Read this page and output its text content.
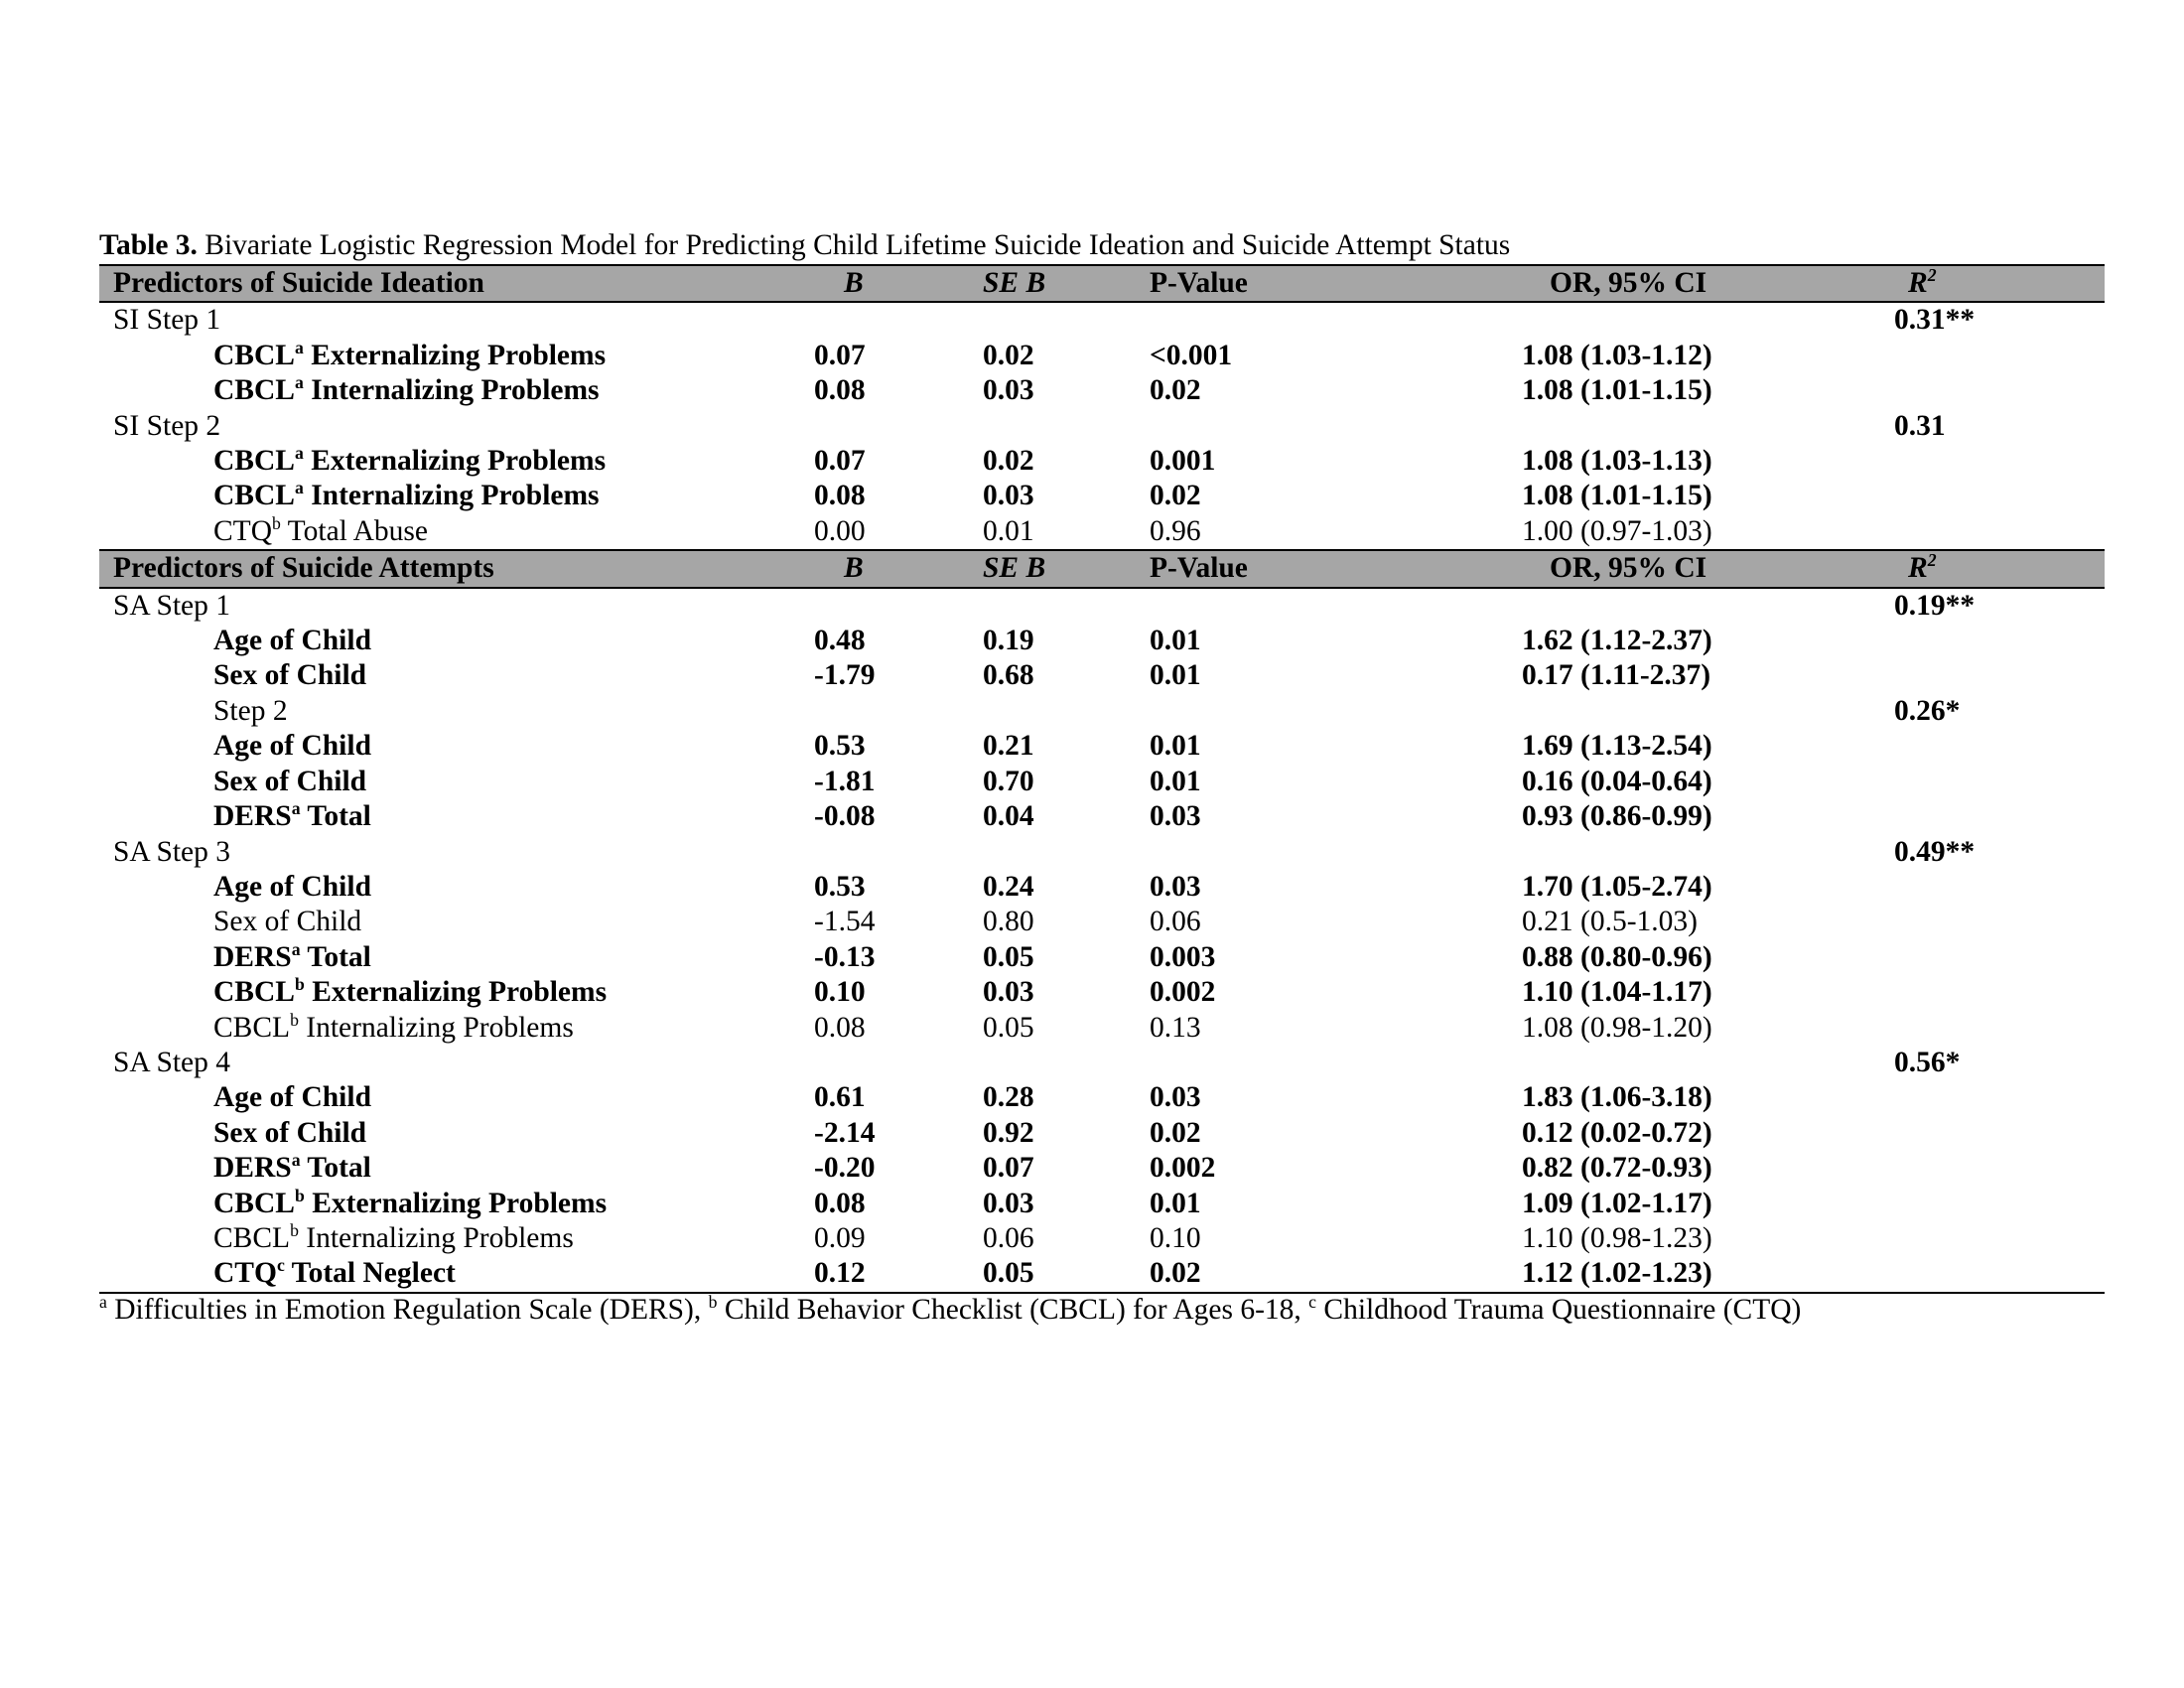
Table 3. Bivariate Logistic Regression Model for Predicting Child Lifetime Suicide Ideation and Suicide Attempt Status
Predictors of Suicide Ideation	B	SE B	P-Value	OR, 95% CI	$R^2$
SI Step 1					0.31**
CBCL$^a$ Externalizing Problems	0.07	0.02	<0.001	1.08 (1.03-1.12)	
CBCL$^a$ Internalizing Problems	0.08	0.03	0.02	1.08 (1.01-1.15)	
SI Step 2					0.31
CBCL$^a$ Externalizing Problems	0.07	0.02	0.001	1.08 (1.03-1.13)	
CBCL$^a$ Internalizing Problems	0.08	0.03	0.02	1.08 (1.01-1.15)	
CTQ$^b$ Total Abuse	0.00	0.01	0.96	1.00 (0.97-1.03)	
Predictors of Suicide Attempts	B	SE B	P-Value	OR, 95% CI	$R^2$
SA Step 1					0.19**
Age of Child	0.48	0.19	0.01	1.62 (1.12-2.37)	
Sex of Child	-1.79	0.68	0.01	0.17 (1.11-2.37)	
Step 2					0.26*
Age of Child	0.53	0.21	0.01	1.69 (1.13-2.54)	
Sex of Child	-1.81	0.70	0.01	0.16 (0.04-0.64)	
DERS$^a$ Total	-0.08	0.04	0.03	0.93 (0.86-0.99)	
SA Step 3					0.49**
Age of Child	0.53	0.24	0.03	1.70 (1.05-2.74)	
Sex of Child	-1.54	0.80	0.06	0.21 (0.5-1.03)	
DERS$^a$ Total	-0.13	0.05	0.003	0.88 (0.80-0.96)	
CBCL$^b$ Externalizing Problems	0.10	0.03	0.002	1.10 (1.04-1.17)	
CBCL$^b$ Internalizing Problems	0.08	0.05	0.13	1.08 (0.98-1.20)	
SA Step 4					0.56*
Age of Child	0.61	0.28	0.03	1.83 (1.06-3.18)	
Sex of Child	-2.14	0.92	0.02	0.12 (0.02-0.72)	
DERS$^a$ Total	-0.20	0.07	0.002	0.82 (0.72-0.93)	
CBCL$^b$ Externalizing Problems	0.08	0.03	0.01	1.09 (1.02-1.17)	
CBCL$^b$ Internalizing Problems	0.09	0.06	0.10	1.10 (0.98-1.23)	
CTQ$^c$ Total Neglect	0.12	0.05	0.02	1.12 (1.02-1.23)	
$^a$ Difficulties in Emotion Regulation Scale (DERS), $^b$ Child Behavior Checklist (CBCL) for Ages 6-18, $^c$ Childhood Trauma Questionnaire (CTQ)
